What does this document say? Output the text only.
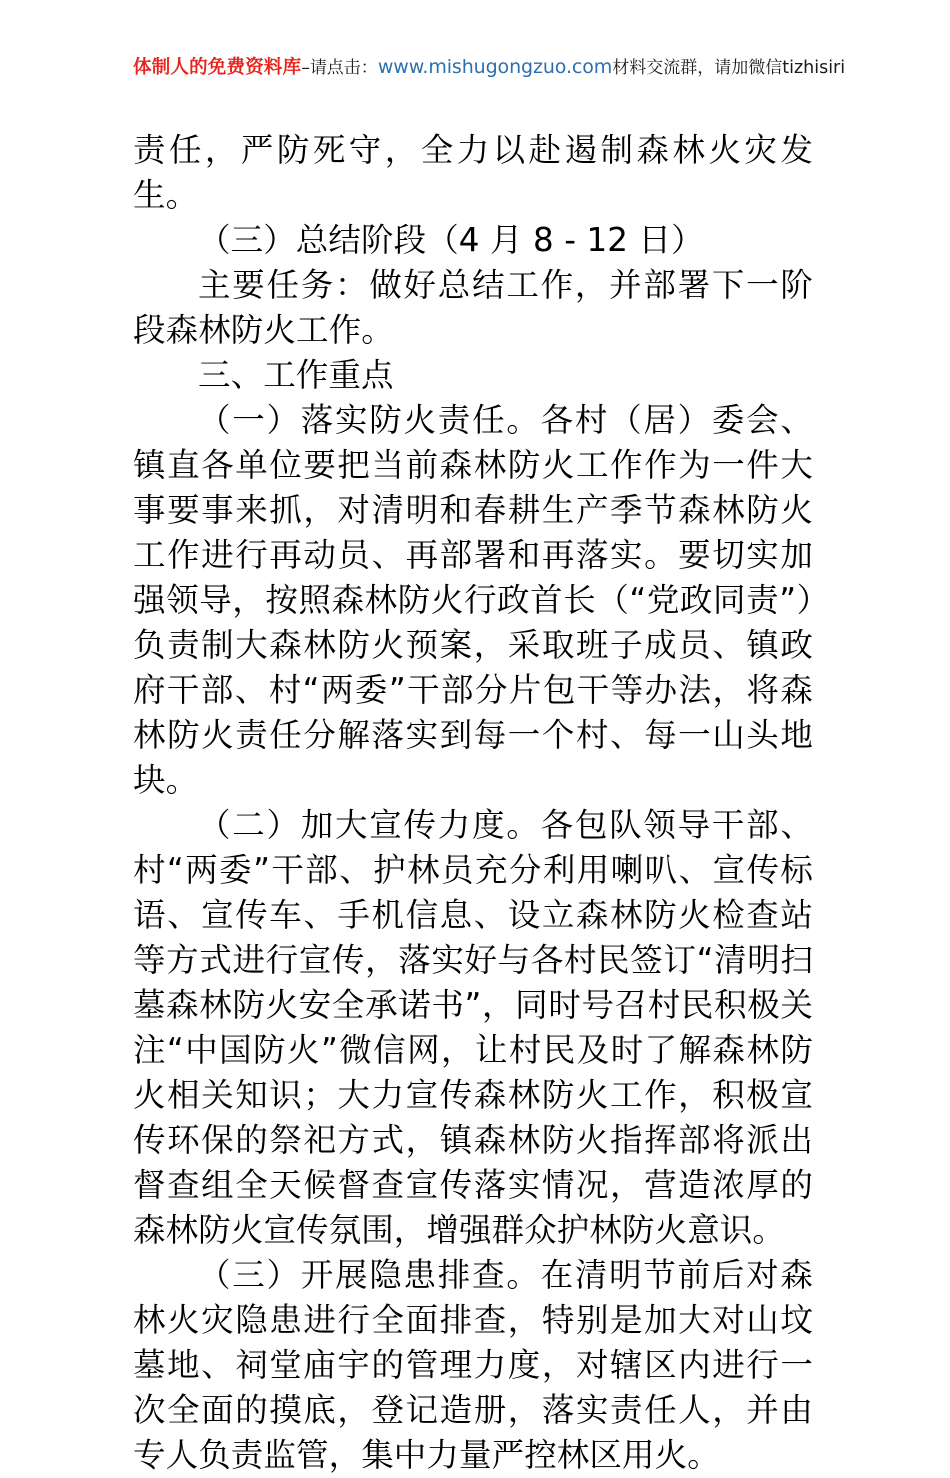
体制人的免费资料库–请点击：www.mishugongzuo.com材料交流群，请加微信tizhisiri

责任，严防死守，全力以赴遏制森林火灾发生。

（三）总结阶段（4 月 8 - 12 日）

主要任务：做好总结工作，并部署下一阶段森林防火工作。

三、工作重点

（一）落实防火责任。各村（居）委会、镇直各单位要把当前森林防火工作作为一件大事要事来抓，对清明和春耕生产季节森林防火工作进行再动员、再部署和再落实。要切实加强领导，按照森林防火行政首长（“党政同责”）负责制大森林防火预案，采取班子成员、镇政府干部、村“两委”干部分片包干等办法，将森林防火责任分解落实到每一个村、每一山头地块。

（二）加大宣传力度。各包队领导干部、村“两委”干部、护林员充分利用喇叭、宣传标语、宣传车、手机信息、设立森林防火检查站等方式进行宣传，落实好与各村民签订“清明扫墓森林防火安全承诺书”，同时号召村民积极关注“中国防火”微信网，让村民及时了解森林防火相关知识；大力宣传森林防火工作，积极宣传环保的祭祀方式，镇森林防火指挥部将派出督查组全天候督查宣传落实情况，营造浓厚的森林防火宣传氛围，增强群众护林防火意识。

（三）开展隐患排查。在清明节前后对森林火灾隐患进行全面排查，特别是加大对山坟墓地、祠堂庙宇的管理力度，对辖区内进行一次全面的摸底，登记造册，落实责任人，并由专人负责监管，集中力量严控林区用火。
